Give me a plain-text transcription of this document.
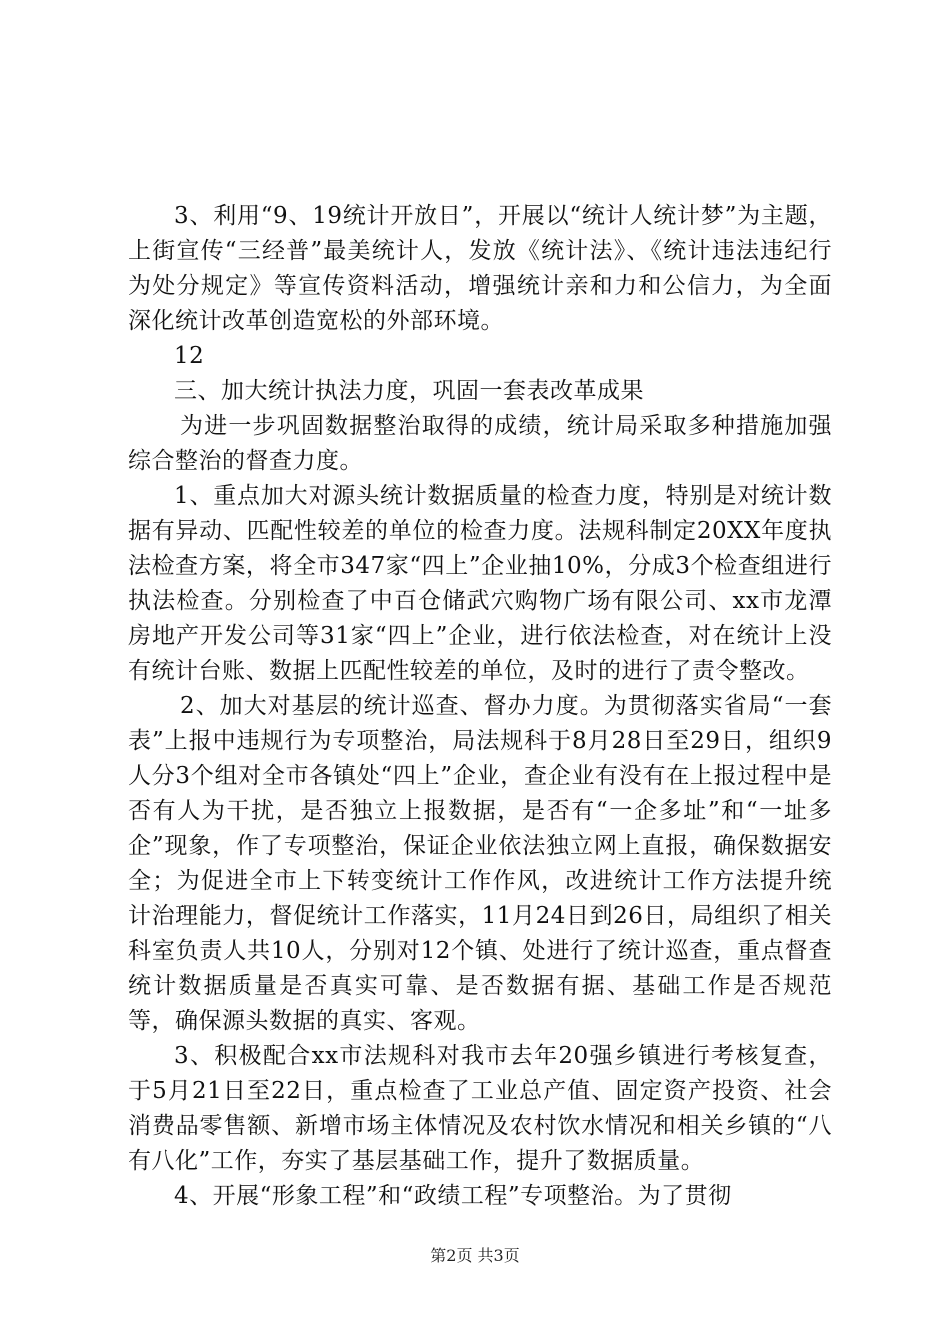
3、利用“9、19统计开放日”，开展以“统计人统计梦”为主题，上街宣传“三经普”最美统计人，发放《统计法》、《统计违法违纪行为处分规定》等宣传资料活动，增强统计亲和力和公信力，为全面深化统计改革创造宽松的外部环境。

12

三、加大统计执法力度，巩固一套表改革成果

为进一步巩固数据整治取得的成绩，统计局采取多种措施加强综合整治的督查力度。

1、重点加大对源头统计数据质量的检查力度，特别是对统计数据有异动、匹配性较差的单位的检查力度。法规科制定20XX年度执法检查方案，将全市347家“四上”企业抽10%，分成3个检查组进行执法检查。分别检查了中百仓储武穴购物广场有限公司、xx市龙潭房地产开发公司等31家“四上”企业，进行依法检查，对在统计上没有统计台账、数据上匹配性较差的单位，及时的进行了责令整改。

2、加大对基层的统计巡查、督办力度。为贯彻落实省局“一套表”上报中违规行为专项整治，局法规科于8月28日至29日，组织9人分3个组对全市各镇处“四上”企业，查企业有没有在上报过程中是否有人为干扰，是否独立上报数据，是否有“一企多址”和“一址多企”现象，作了专项整治，保证企业依法独立网上直报，确保数据安全；为促进全市上下转变统计工作作风，改进统计工作方法提升统计治理能力，督促统计工作落实，11月24日到26日，局组织了相关科室负责人共10人，分别对12个镇、处进行了统计巡查，重点督查统计数据质量是否真实可靠、是否数据有据、基础工作是否规范等，确保源头数据的真实、客观。

3、积极配合xx市法规科对我市去年20强乡镇进行考核复查，于5月21日至22日，重点检查了工业总产值、固定资产投资、社会消费品零售额、新增市场主体情况及农村饮水情况和相关乡镇的“八有八化”工作，夯实了基层基础工作，提升了数据质量。

4、开展“形象工程”和“政绩工程”专项整治。为了贯彻

第2页 共3页
